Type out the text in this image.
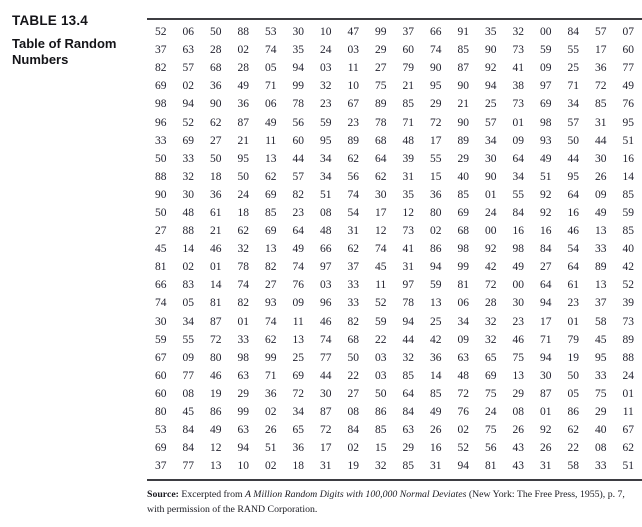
TABLE 13.4

Table of Random Numbers

52	06	50	88	53	30	10	47	99	37	66	91	35	32	00	84	57	07
37	63	28	02	74	35	24	03	29	60	74	85	90	73	59	55	17	60
82	57	68	28	05	94	03	11	27	79	90	87	92	41	09	25	36	77
69	02	36	49	71	99	32	10	75	21	95	90	94	38	97	71	72	49
98	94	90	36	06	78	23	67	89	85	29	21	25	73	69	34	85	76
96	52	62	87	49	56	59	23	78	71	72	90	57	01	98	57	31	95
33	69	27	21	11	60	95	89	68	48	17	89	34	09	93	50	44	51
50	33	50	95	13	44	34	62	64	39	55	29	30	64	49	44	30	16
88	32	18	50	62	57	34	56	62	31	15	40	90	34	51	95	26	14
90	30	36	24	69	82	51	74	30	35	36	85	01	55	92	64	09	85
50	48	61	18	85	23	08	54	17	12	80	69	24	84	92	16	49	59
27	88	21	62	69	64	48	31	12	73	02	68	00	16	16	46	13	85
45	14	46	32	13	49	66	62	74	41	86	98	92	98	84	54	33	40
81	02	01	78	82	74	97	37	45	31	94	99	42	49	27	64	89	42
66	83	14	74	27	76	03	33	11	97	59	81	72	00	64	61	13	52
74	05	81	82	93	09	96	33	52	78	13	06	28	30	94	23	37	39
30	34	87	01	74	11	46	82	59	94	25	34	32	23	17	01	58	73
59	55	72	33	62	13	74	68	22	44	42	09	32	46	71	79	45	89
67	09	80	98	99	25	77	50	03	32	36	63	65	75	94	19	95	88
60	77	46	63	71	69	44	22	03	85	14	48	69	13	30	50	33	24
60	08	19	29	36	72	30	27	50	64	85	72	75	29	87	05	75	01
80	45	86	99	02	34	87	08	86	84	49	76	24	08	01	86	29	11
53	84	49	63	26	65	72	84	85	63	26	02	75	26	92	62	40	67
69	84	12	94	51	36	17	02	15	29	16	52	56	43	26	22	08	62
37	77	13	10	02	18	31	19	32	85	31	94	81	43	31	58	33	51
Source: Excerpted from A Million Random Digits with 100,000 Normal Deviates (New York: The Free Press, 1955), p. 7, with permission of the RAND Corporation.
